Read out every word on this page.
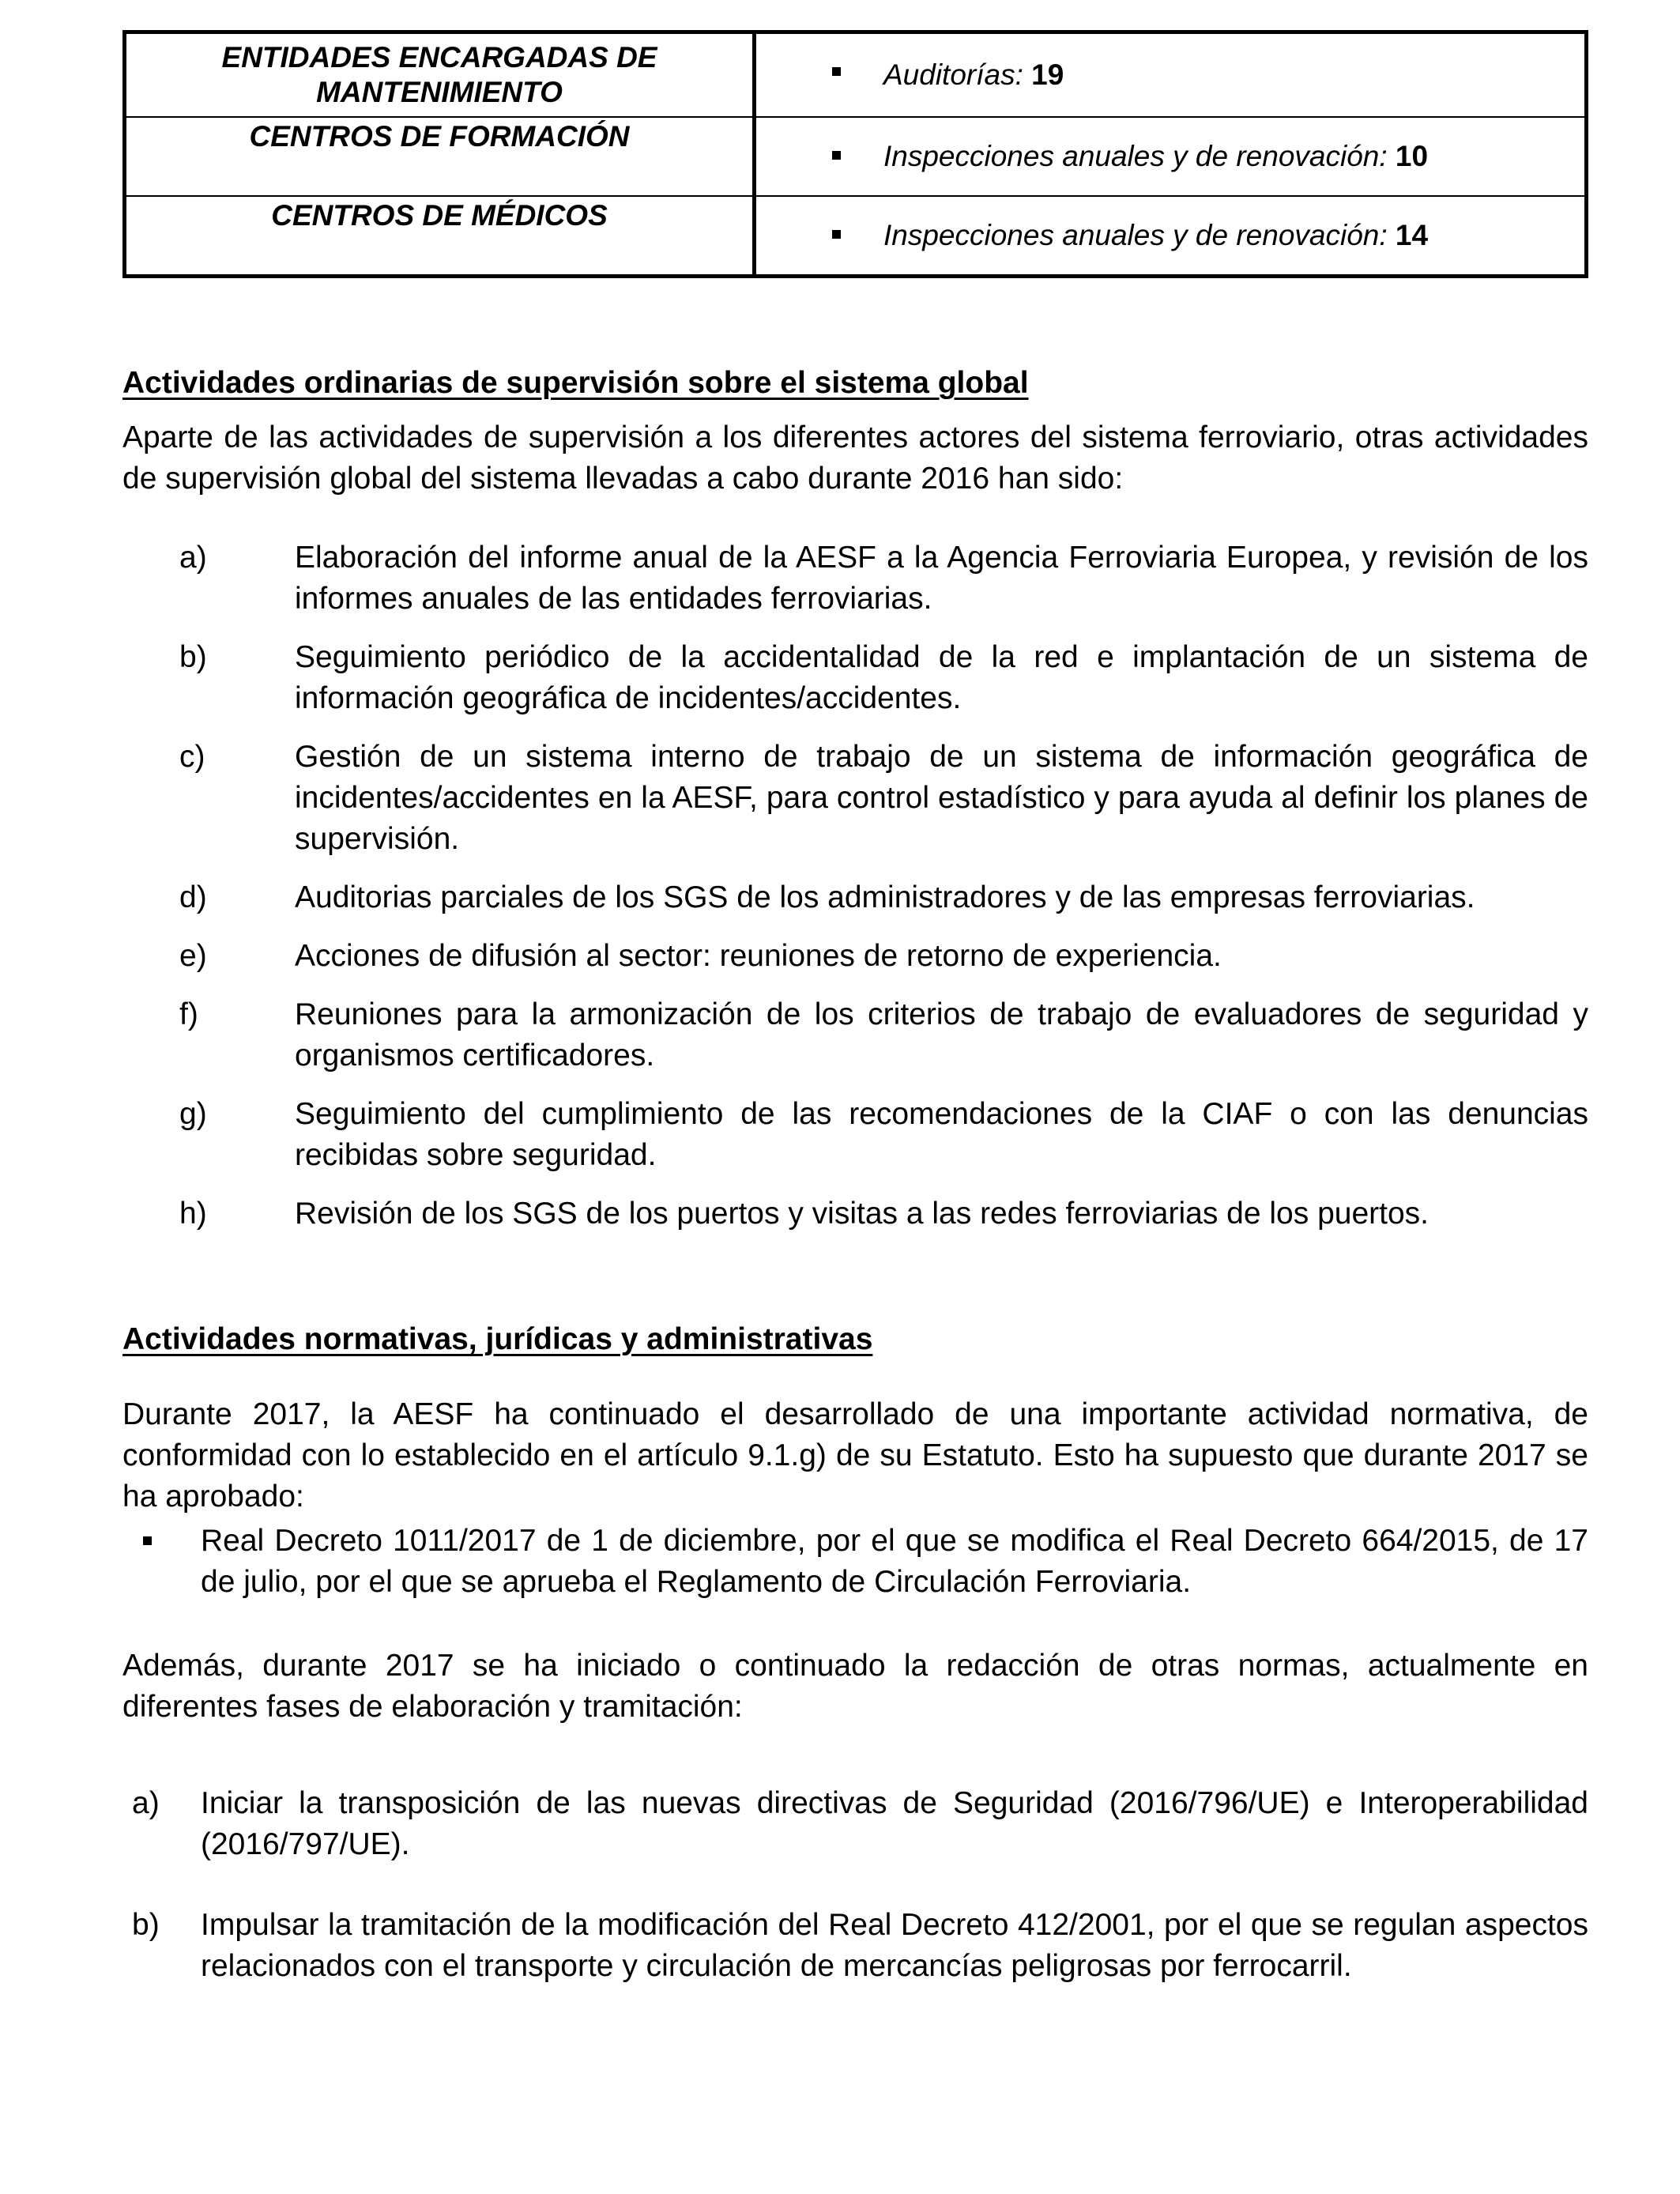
ENTIDADES ENCARGADAS DE MANTENIMIENTO	Auditorías: 19
CENTROS DE FORMACIÓN	Inspecciones anuales y de renovación: 10
CENTROS DE MÉDICOS	Inspecciones anuales y de renovación: 14
Actividades ordinarias de supervisión sobre el sistema global

Aparte de las actividades de supervisión a los diferentes actores del sistema ferroviario, otras actividades de supervisión global del sistema llevadas a cabo durante 2016 han sido:

a)	Elaboración del informe anual de la AESF a la Agencia Ferroviaria Europea, y revisión de los informes anuales de las entidades ferroviarias.
b)	Seguimiento periódico de la accidentalidad de la red e implantación de un sistema de información geográfica de incidentes/accidentes.
c)	Gestión de un sistema interno de trabajo de un sistema de información geográfica de incidentes/accidentes en la AESF, para control estadístico y para ayuda al definir los planes de supervisión.
d)	Auditorias parciales de los SGS de los administradores y de las empresas ferroviarias.
e)	Acciones de difusión al sector: reuniones de retorno de experiencia.
f)	Reuniones para la armonización de los criterios de trabajo de evaluadores de seguridad y organismos certificadores.
g)	Seguimiento del cumplimiento de las recomendaciones de la CIAF o con las denuncias recibidas sobre seguridad.
h)	Revisión de los SGS de los puertos y visitas a las redes ferroviarias de los puertos.
Actividades normativas, jurídicas y administrativas

Durante 2017, la AESF ha continuado el desarrollado de una importante actividad normativa, de conformidad con lo establecido en el artículo 9.1.g) de su Estatuto. Esto ha supuesto que durante 2017 se ha aprobado:

Real Decreto 1011/2017 de 1 de diciembre, por el que se modifica el Real Decreto 664/2015, de 17 de julio, por el que se aprueba el Reglamento de Circulación Ferroviaria.

Además, durante 2017 se ha iniciado o continuado la redacción de otras normas, actualmente en diferentes fases de elaboración y tramitación:

a) Iniciar la transposición de las nuevas directivas de Seguridad (2016/796/UE) e Interoperabilidad (2016/797/UE).
b) Impulsar la tramitación de la modificación del Real Decreto 412/2001, por el que se regulan aspectos relacionados con el transporte y circulación de mercancías peligrosas por ferrocarril.
